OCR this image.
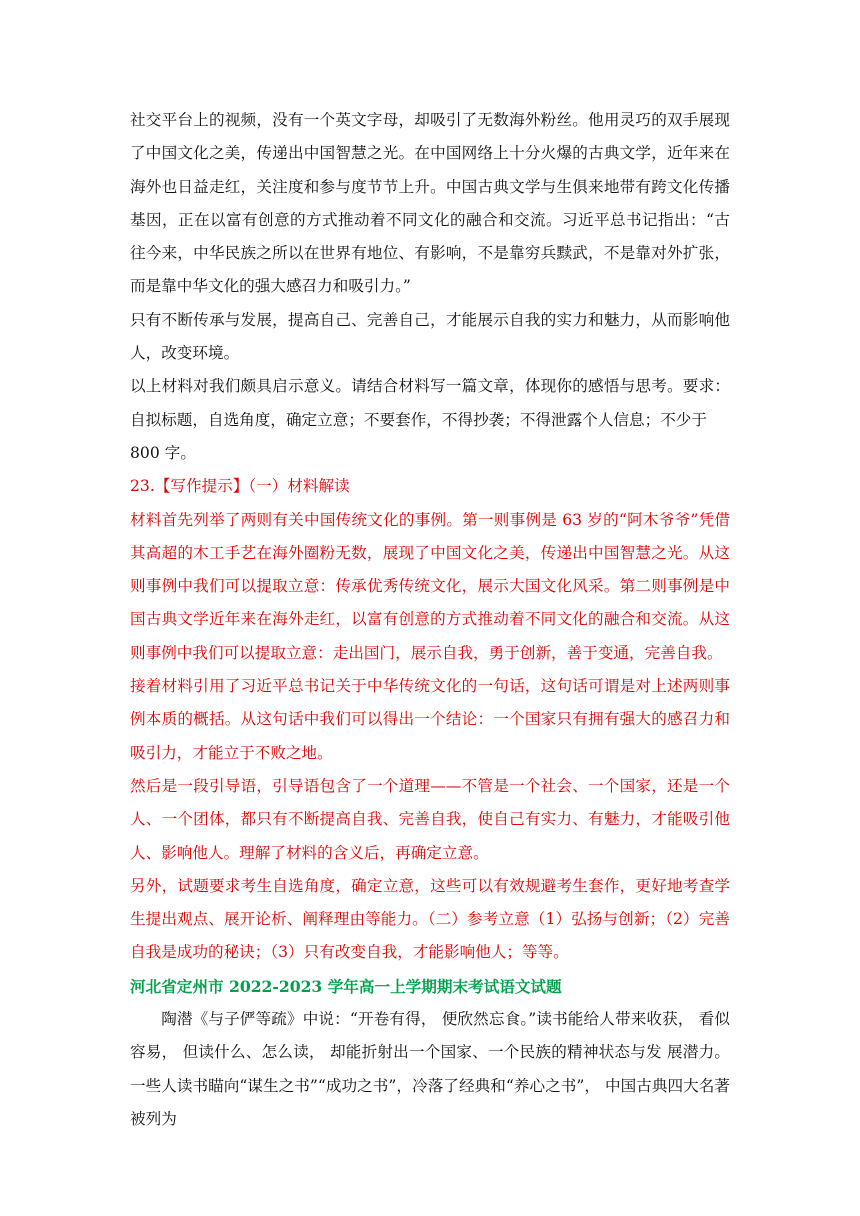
社交平台上的视频，没有一个英文字母，却吸引了无数海外粉丝。他用灵巧的双手展现了中国文化之美，传递出中国智慧之光。在中国网络上十分火爆的古典文学，近年来在海外也日益走红，关注度和参与度节节上升。中国古典文学与生俱来地带有跨文化传播基因，正在以富有创意的方式推动着不同文化的融合和交流。习近平总书记指出：“古往今来，中华民族之所以在世界有地位、有影响，不是靠穷兵黩武，不是靠对外扩张，而是靠中华文化的强大感召力和吸引力。”

只有不断传承与发展，提高自己、完善自己，才能展示自我的实力和魅力，从而影响他人，改变环境。

以上材料对我们颇具启示意义。请结合材料写一篇文章，体现你的感悟与思考。要求：自拟标题，自选角度，确定立意；不要套作，不得抄袭；不得泄露个人信息；不少于

800 字。

23.【写作提示】（一）材料解读

材料首先列举了两则有关中国传统文化的事例。第一则事例是 63 岁的“阿木爷爷”凭借其高超的木工手艺在海外圈粉无数，展现了中国文化之美，传递出中国智慧之光。从这则事例中我们可以提取立意：传承优秀传统文化，展示大国文化风采。第二则事例是中国古典文学近年来在海外走红，以富有创意的方式推动着不同文化的融合和交流。从这则事例中我们可以提取立意：走出国门，展示自我，勇于创新，善于变通，完善自我。

接着材料引用了习近平总书记关于中华传统文化的一句话，这句话可谓是对上述两则事例本质的概括。从这句话中我们可以得出一个结论：一个国家只有拥有强大的感召力和吸引力，才能立于不败之地。

然后是一段引导语，引导语包含了一个道理——不管是一个社会、一个国家，还是一个人、一个团体，都只有不断提高自我、完善自我，使自己有实力、有魅力，才能吸引他人、影响他人。理解了材料的含义后，再确定立意。

另外，试题要求考生自选角度，确定立意，这些可以有效规避考生套作，更好地考查学生提出观点、展开论析、阐释理由等能力。（二）参考立意（1）弘扬与创新；（2）完善自我是成功的秘诀；（3）只有改变自我，才能影响他人；等等。

河北省定州市 2022-2023 学年高一上学期期末考试语文试题

陶潜《与子俨等疏》中说：“开卷有得， 便欣然忘食。”读书能给人带来收获， 看似容易， 但读什么、怎么读， 却能折射出一个国家、一个民族的精神状态与发 展潜力。一些人读书瞄向“谋生之书”“成功之书”，冷落了经典和“养心之书”， 中国古典四大名著被列为
